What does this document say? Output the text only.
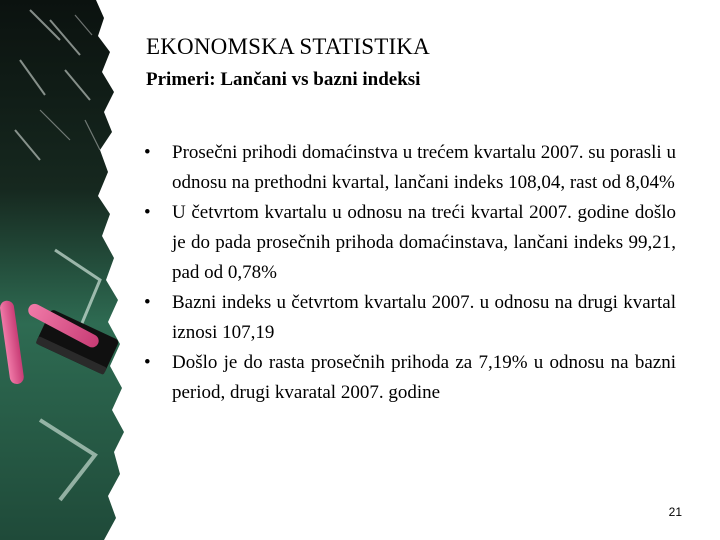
EKONOMSKA STATISTIKA
Primeri: Lančani vs bazni indeksi
• Prosečni prihodi domaćinstva u trećem kvartalu 2007. su porasli u odnosu na prethodni kvartal, lančani indeks 108,04, rast od 8,04%
• U četvrtom kvartalu u odnosu na treći kvartal 2007. godine došlo je do pada prosečnih prihoda domaćinstava, lančani indeks 99,21, pad od 0,78%
• Bazni indeks u četvrtom kvartalu 2007. u odnosu na drugi kvartal iznosi 107,19
• Došlo je do rasta prosečnih prihoda za 7,19% u odnosu na bazni period, drugi kvaratal 2007. godine
21
